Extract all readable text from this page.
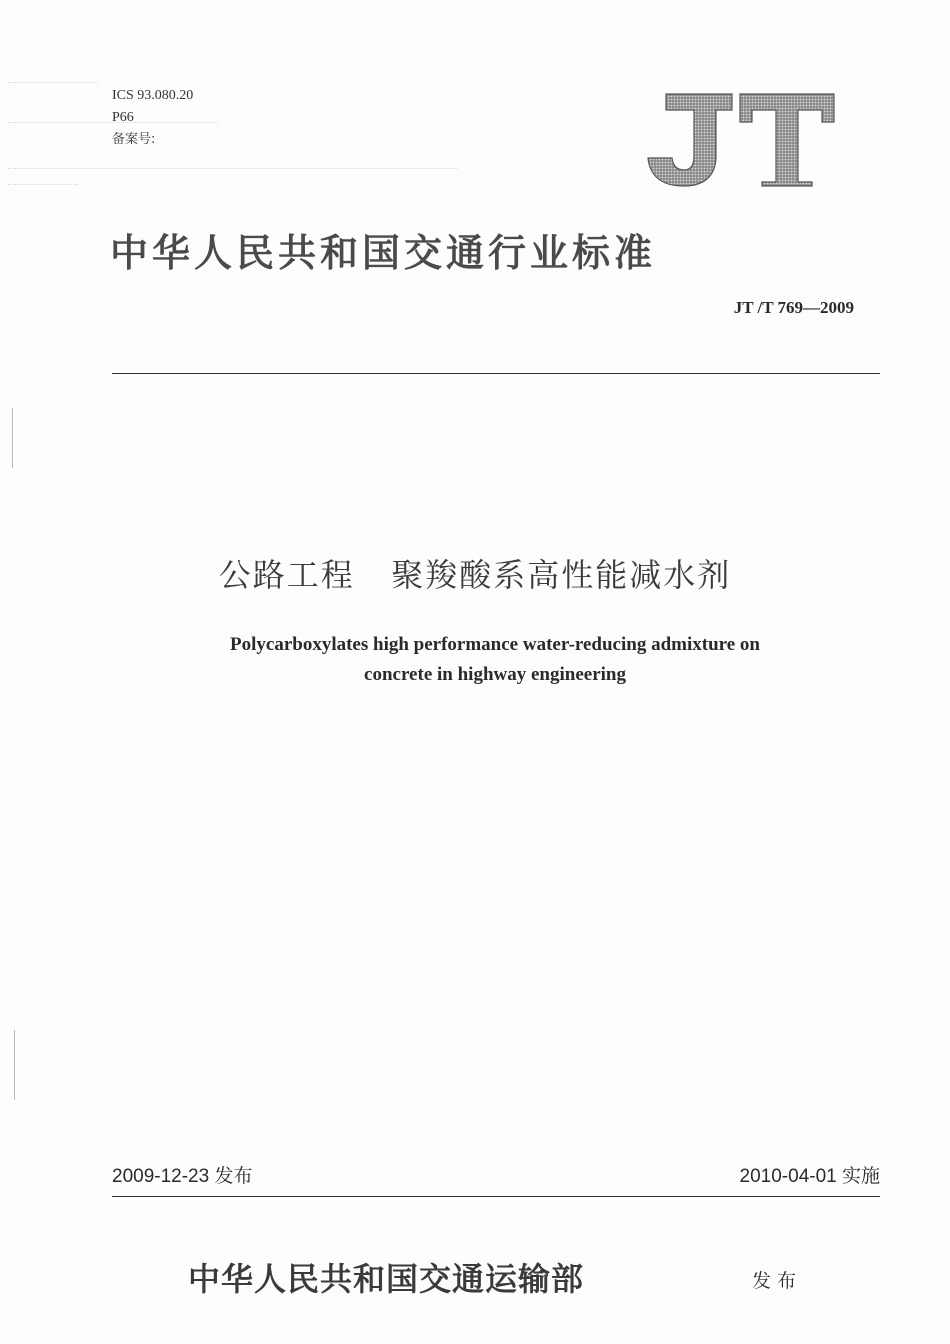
ICS 93.080.20
P66
备案号:
JT
中华人民共和国交通行业标准
JT /T 769—2009
公路工程   聚羧酸系高性能减水剂
Polycarboxylates high performance water-reducing admixture on
concrete in highway engineering
2009-12-23 发布	2010-04-01 实施
中华人民共和国交通运输部	发布
